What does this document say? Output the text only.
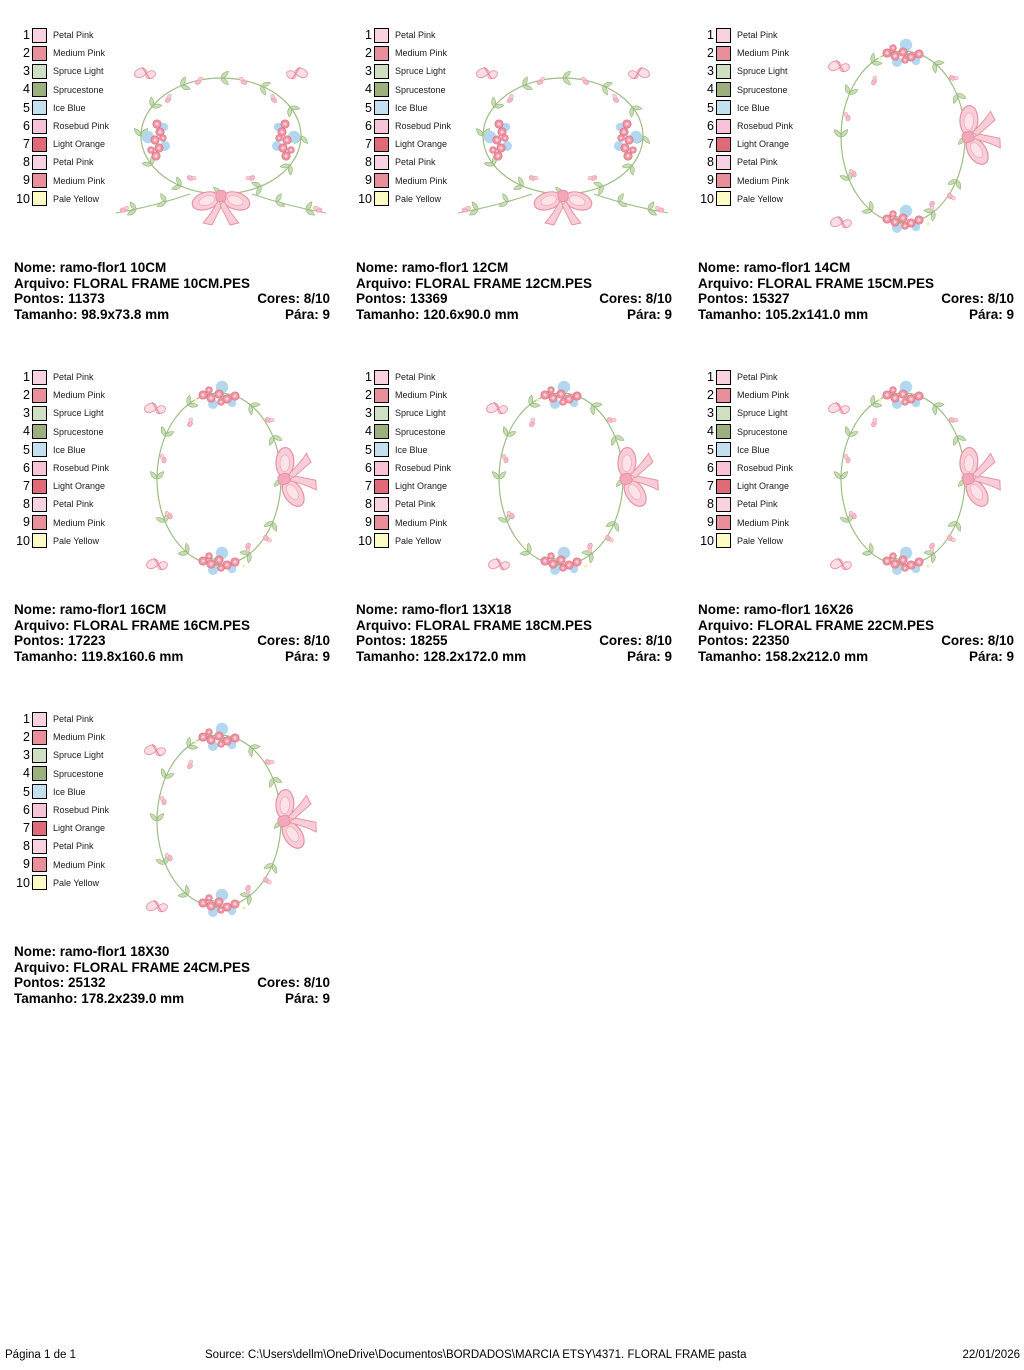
1	Petal Pink
2	Medium Pink
3	Spruce Light
4	Sprucestone
5	Ice Blue
6	Rosebud Pink
7	Light Orange
8	Petal Pink
9	Medium Pink
10	Pale Yellow
Nome: ramo-flor1 10CM
Arquivo: FLORAL FRAME 10CM.PES
Pontos: 11373	Cores: 8/10
Tamanho: 98.9x73.8 mm	Pára: 9
1	Petal Pink
2	Medium Pink
3	Spruce Light
4	Sprucestone
5	Ice Blue
6	Rosebud Pink
7	Light Orange
8	Petal Pink
9	Medium Pink
10	Pale Yellow
Nome: ramo-flor1 12CM
Arquivo: FLORAL FRAME 12CM.PES
Pontos: 13369	Cores: 8/10
Tamanho: 120.6x90.0 mm	Pára: 9
1	Petal Pink
2	Medium Pink
3	Spruce Light
4	Sprucestone
5	Ice Blue
6	Rosebud Pink
7	Light Orange
8	Petal Pink
9	Medium Pink
10	Pale Yellow
Nome: ramo-flor1 14CM
Arquivo: FLORAL FRAME 15CM.PES
Pontos: 15327	Cores: 8/10
Tamanho: 105.2x141.0 mm	Pára: 9
1	Petal Pink
2	Medium Pink
3	Spruce Light
4	Sprucestone
5	Ice Blue
6	Rosebud Pink
7	Light Orange
8	Petal Pink
9	Medium Pink
10	Pale Yellow
Nome: ramo-flor1 16CM
Arquivo: FLORAL FRAME 16CM.PES
Pontos: 17223	Cores: 8/10
Tamanho: 119.8x160.6 mm	Pára: 9
1	Petal Pink
2	Medium Pink
3	Spruce Light
4	Sprucestone
5	Ice Blue
6	Rosebud Pink
7	Light Orange
8	Petal Pink
9	Medium Pink
10	Pale Yellow
Nome: ramo-flor1 13X18
Arquivo: FLORAL FRAME 18CM.PES
Pontos: 18255	Cores: 8/10
Tamanho: 128.2x172.0 mm	Pára: 9
1	Petal Pink
2	Medium Pink
3	Spruce Light
4	Sprucestone
5	Ice Blue
6	Rosebud Pink
7	Light Orange
8	Petal Pink
9	Medium Pink
10	Pale Yellow
Nome: ramo-flor1 16X26
Arquivo: FLORAL FRAME 22CM.PES
Pontos: 22350	Cores: 8/10
Tamanho: 158.2x212.0 mm	Pára: 9
1	Petal Pink
2	Medium Pink
3	Spruce Light
4	Sprucestone
5	Ice Blue
6	Rosebud Pink
7	Light Orange
8	Petal Pink
9	Medium Pink
10	Pale Yellow
Nome: ramo-flor1 18X30
Arquivo: FLORAL FRAME 24CM.PES
Pontos: 25132	Cores: 8/10
Tamanho: 178.2x239.0 mm	Pára: 9
Página 1 de 1	Source: C:\Users\dellm\OneDrive\Documentos\BORDADOS\MARCIA ETSY\4371. FLORAL FRAME pasta	22/01/2026
